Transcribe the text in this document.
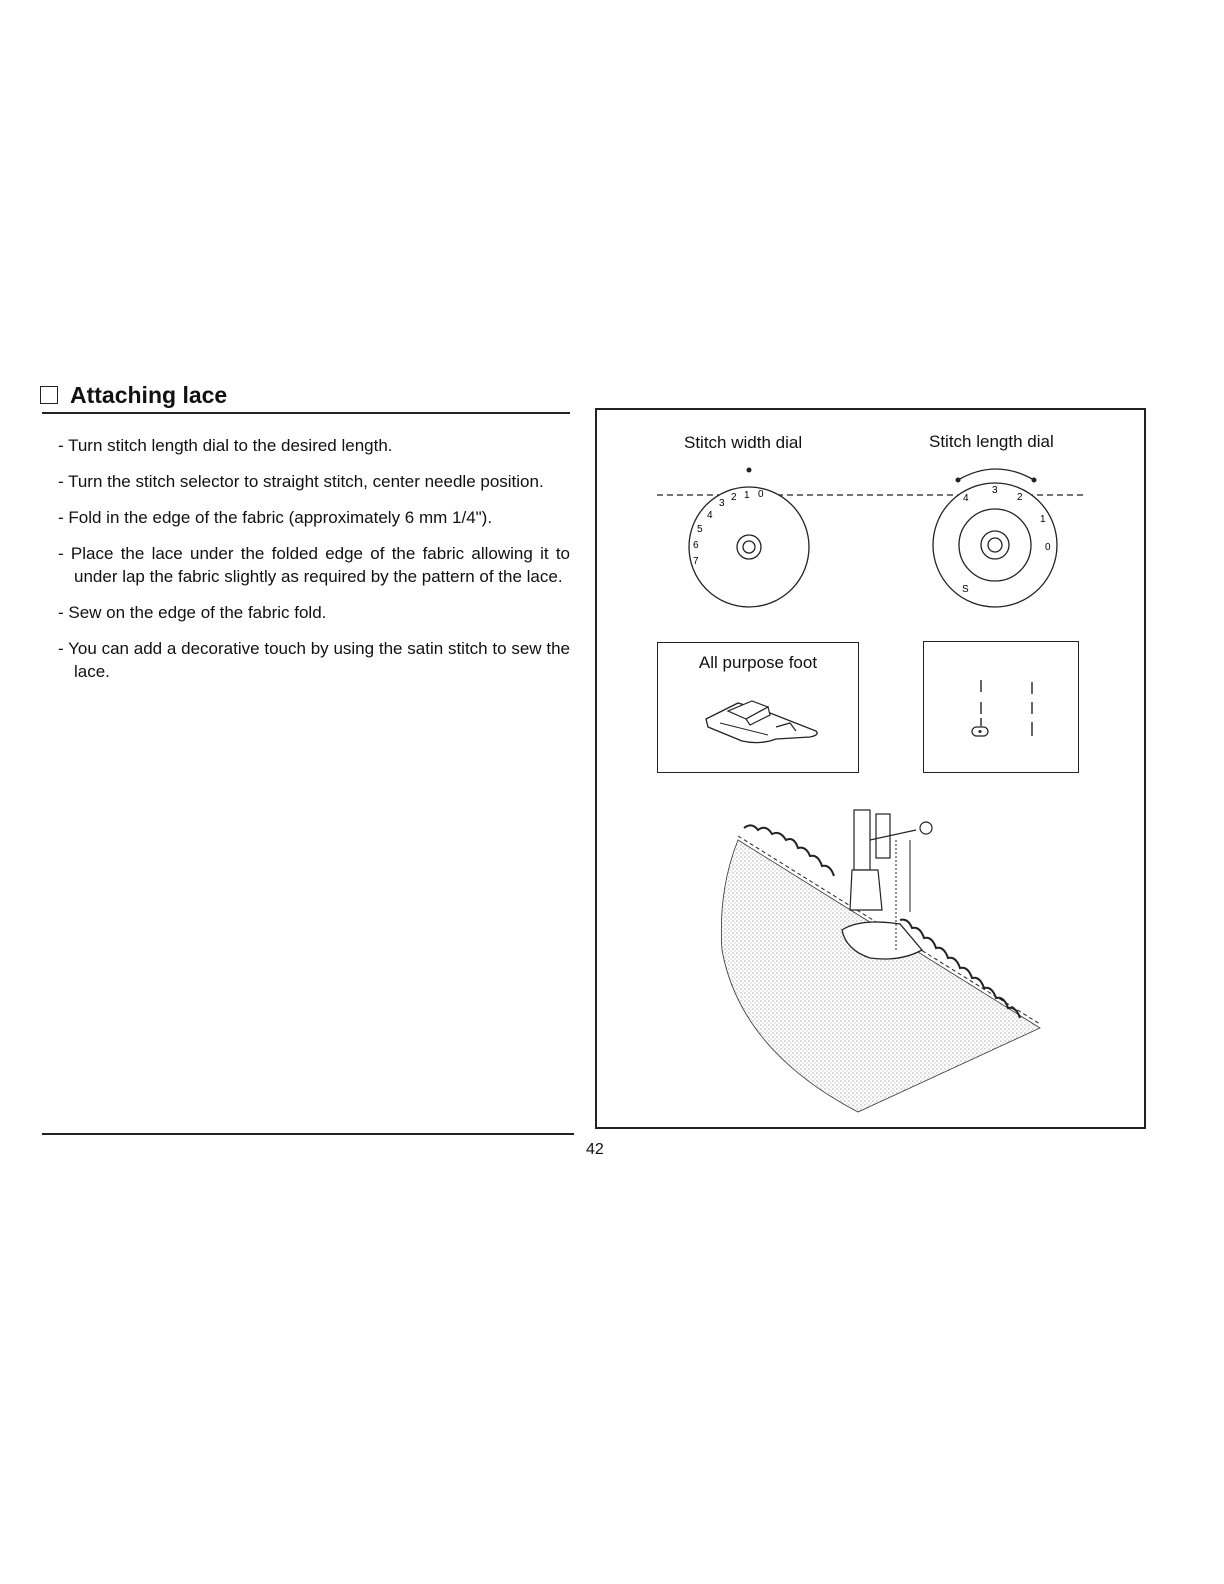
Attaching lace
- Turn stitch length dial to the desired length.
- Turn the stitch selector to straight stitch, center needle position.
- Fold in the edge of the fabric (approximately 6 mm 1/4").
- Place the lace under the folded edge of the fabric allowing it to under lap the fabric slightly as required by the pattern of the lace.
- Sew on the edge of the fabric fold.
- You can add a decorative touch by using the satin stitch to sew the lace.
42
Stitch width dial	Stitch length dial
0
1
2
3
4
5
6
7
3
4	2
1
0
S
All purpose foot
